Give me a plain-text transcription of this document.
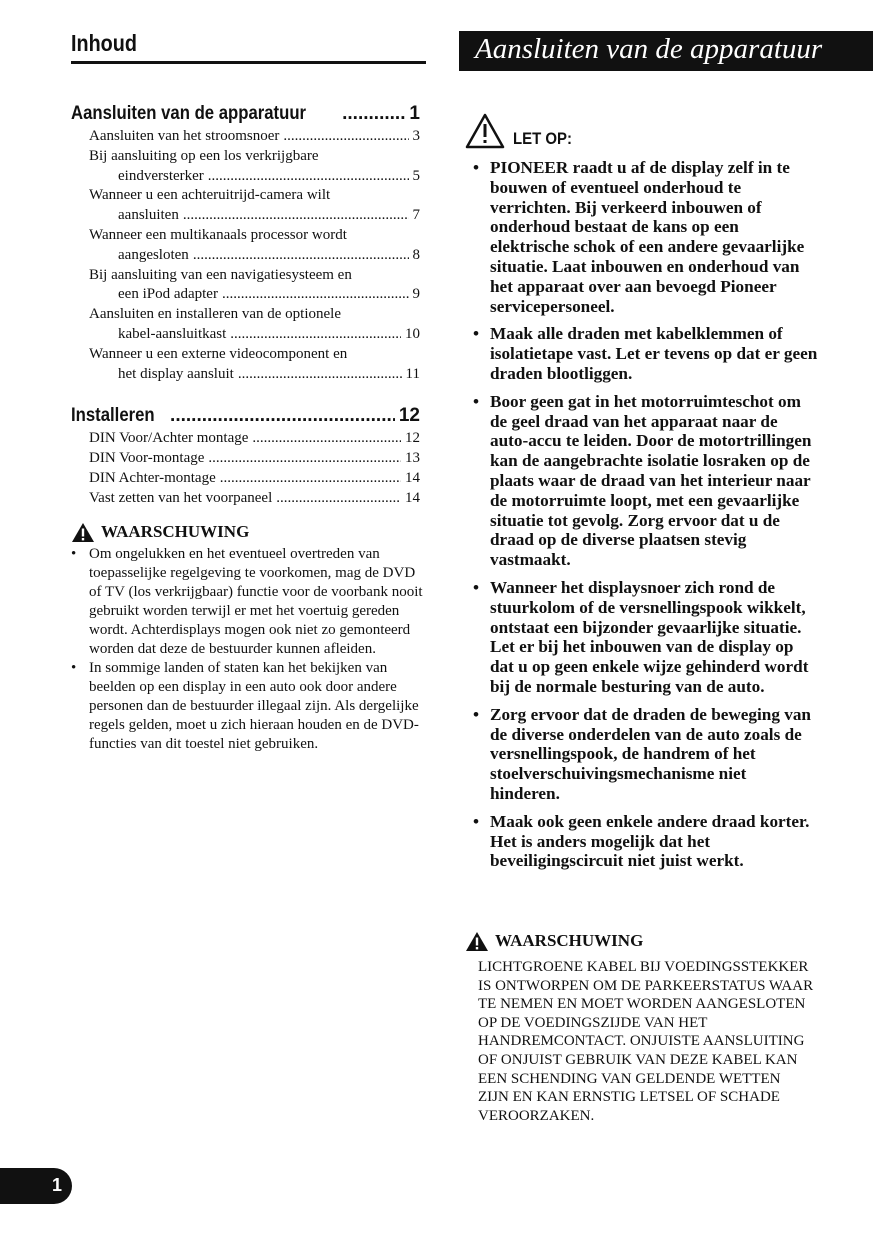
Inhoud	Aansluiten van de apparatuur
Aansluiten van de apparatuur .....	1
Aansluiten van het stroomsnoer .....	3
Bij aansluiting op een los verkrijgbare
eindversterker .....	5
Wanneer u een achteruitrijd-camera wilt
aansluiten .....	7
Wanneer een multikanaals processor wordt
aangesloten .....	8
Bij aansluiting van een navigatiesysteem en
een iPod adapter .....	9
Aansluiten en installeren van de optionele
kabel-aansluitkast .....	10
Wanneer u een externe videocomponent en
het display aansluit .....	11
Installeren .....	12
DIN Voor/Achter montage .....	12
DIN Voor-montage .....	13
DIN Achter-montage .....	14
Vast zetten van het voorpaneel .....	14
WAARSCHUWING
• Om ongelukken en het eventueel overtreden van toepasselijke regelgeving te voorkomen, mag de DVD of TV (los verkrijgbaar) functie voor de voorbank nooit gebruikt worden terwijl er met het voertuig gereden wordt. Achterdisplays mogen ook niet zo gemonteerd worden dat deze de bestuurder kunnen afleiden.
• In sommige landen of staten kan het bekijken van beelden op een display in een auto ook door andere personen dan de bestuurder illegaal zijn. Als dergelijke regels gelden, moet u zich hieraan houden en de DVD-functies van dit toestel niet gebruiken.
LET OP:
• PIONEER raadt u af de display zelf in te bouwen of eventueel onderhoud te verrichten. Bij verkeerd inbouwen of onderhoud bestaat de kans op een elektrische schok of een andere gevaarlijke situatie. Laat inbouwen en onderhoud van het apparaat over aan bevoegd Pioneer servicepersoneel.
• Maak alle draden met kabelklemmen of isolatietape vast. Let er tevens op dat er geen draden blootliggen.
• Boor geen gat in het motorruimteschot om de geel draad van het apparaat naar de auto-accu te leiden. Door de motortrillingen kan de aangebrachte isolatie losraken op de plaats waar de draad van het interieur naar de motorruimte loopt, met een gevaarlijke situatie tot gevolg. Zorg ervoor dat u de draad op de diverse plaatsen stevig vastmaakt.
• Wanneer het displaysnoer zich rond de stuurkolom of de versnellingspook wikkelt, ontstaat een bijzonder gevaarlijke situatie. Let er bij het inbouwen van de display op dat u op geen enkele wijze gehinderd wordt bij de normale besturing van de auto.
• Zorg ervoor dat de draden de beweging van de diverse onderdelen van de auto zoals de versnellingspook, de handrem of het stoelverschuivingsmechanisme niet hinderen.
• Maak ook geen enkele andere draad korter. Het is anders mogelijk dat het beveiligingscircuit niet juist werkt.
WAARSCHUWING
LICHTGROENE KABEL BIJ VOEDINGSSTEKKER IS ONTWORPEN OM DE PARKEERSTATUS WAAR TE NEMEN EN MOET WORDEN AANGESLOTEN OP DE VOEDINGSZIJDE VAN HET HANDREMCONTACT. ONJUISTE AANSLUITING OF ONJUIST GEBRUIK VAN DEZE KABEL KAN EEN SCHENDING VAN GELDENDE WETTEN ZIJN EN KAN ERNSTIG LETSEL OF SCHADE VEROORZAKEN.
1
